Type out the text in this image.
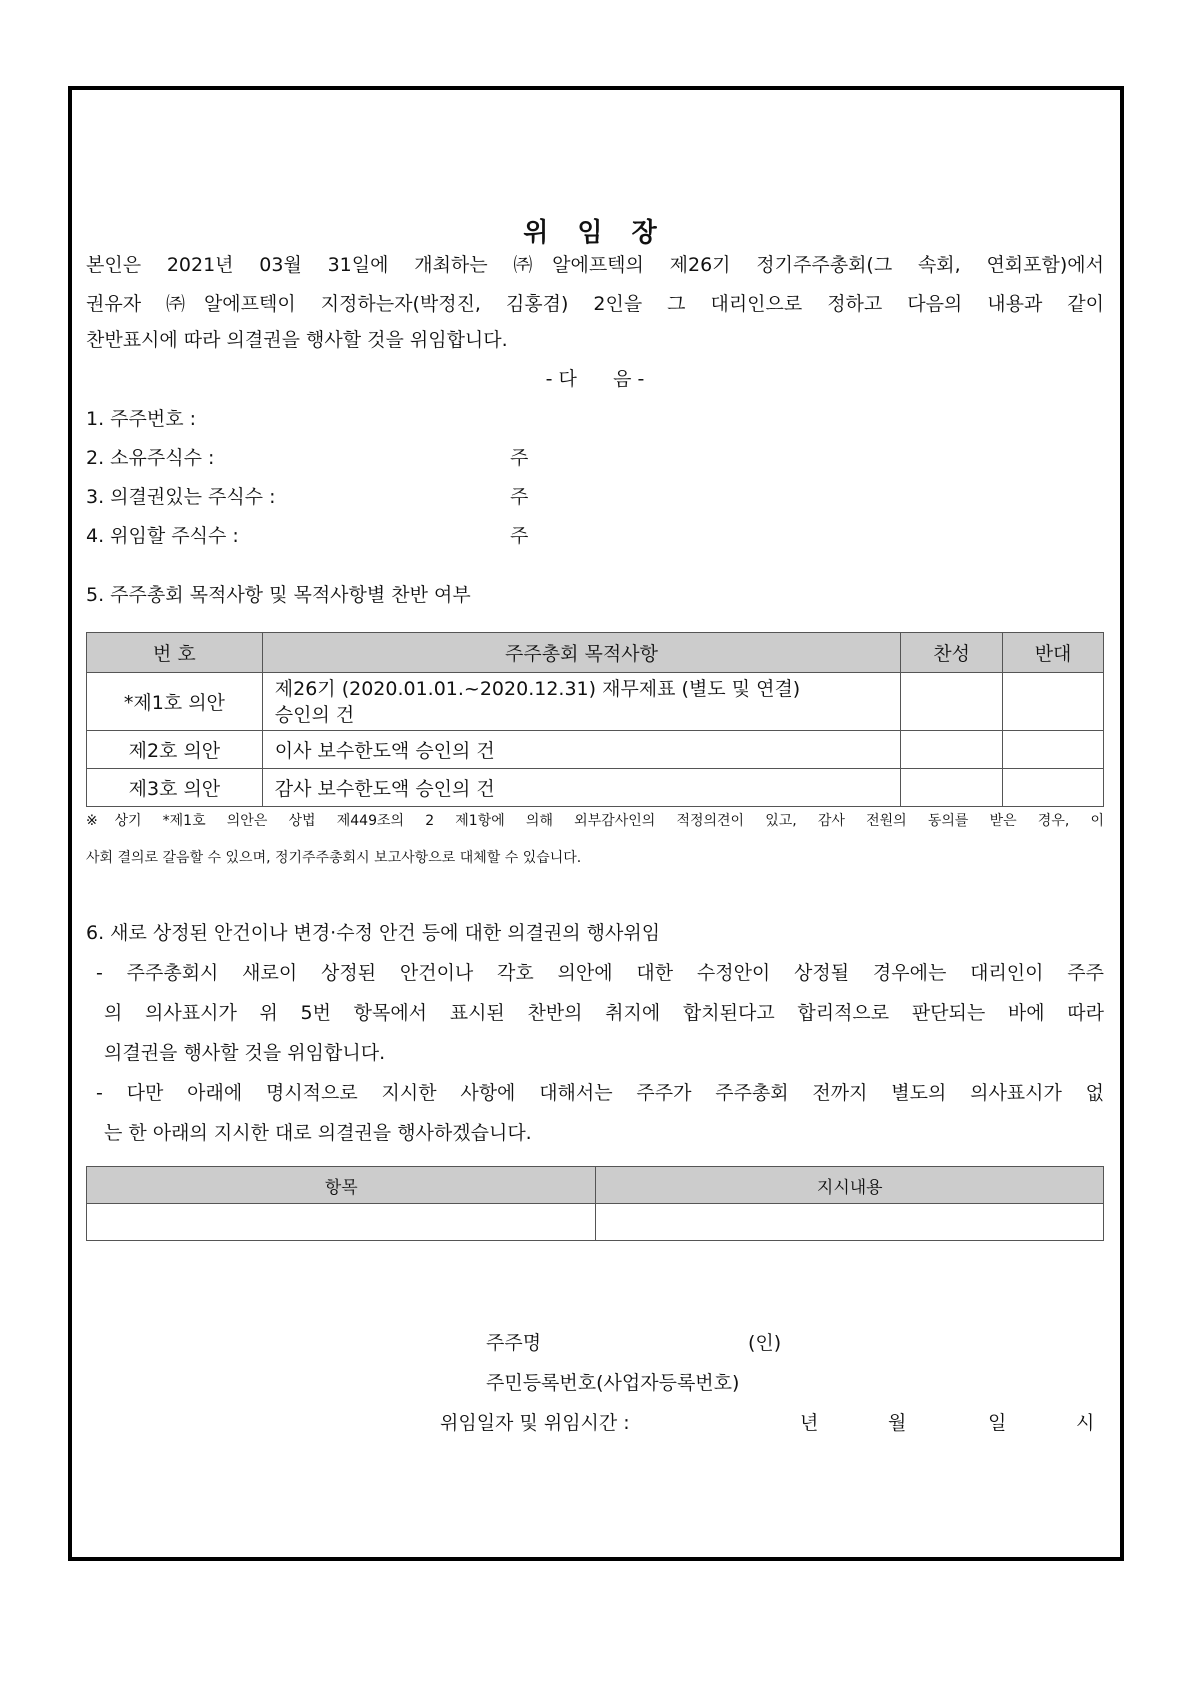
위 임 장
본인은 2021년 03월 31일에 개최하는 ㈜알에프텍의 제26기 정기주주총회(그 속회, 연회포함)에서
권유자 ㈜알에프텍이 지정하는자(박정진, 김홍겸) 2인을 그 대리인으로 정하고 다음의 내용과 같이
찬반표시에 따라 의결권을 행사할 것을 위임합니다.
- 다      음 -
1. 주주번호 :
2. 소유주식수 :	주
3. 의결권있는 주식수 :	주
4. 위임할 주식수 :	주
5. 주주총회 목적사항 및 목적사항별 찬반 여부
번 호	주주총회 목적사항	찬성	반대
*제1호 의안	제26기 (2020.01.01.~2020.12.31) 재무제표 (별도 및 연결)
승인의 건		

제2호 의안	이사 보수한도액 승인의 건		
제3호 의안	감사 보수한도액 승인의 건		
※상기 *제1호 의안은 상법 제449조의 2 제1항에 의해 외부감사인의 적정의견이 있고, 감사 전원의 동의를 받은 경우, 이
사회 결의로 갈음할 수 있으며, 정기주주총회시 보고사항으로 대체할 수 있습니다.
6. 새로 상정된 안건이나 변경·수정 안건 등에 대한 의결권의 행사위임
- 주주총회시 새로이 상정된 안건이나 각호 의안에 대한 수정안이 상정될 경우에는 대리인이 주주
의 의사표시가 위 5번 항목에서 표시된 찬반의 취지에 합치된다고 합리적으로 판단되는 바에 따라
의결권을 행사할 것을 위임합니다.
- 다만 아래에 명시적으로 지시한 사항에 대해서는 주주가 주주총회 전까지 별도의 의사표시가 없
는 한 아래의 지시한 대로 의결권을 행사하겠습니다.
항목	지시내용

주주명	(인)
주민등록번호(사업자등록번호)
위임일자 및 위임시간 :	년	월	일	시
